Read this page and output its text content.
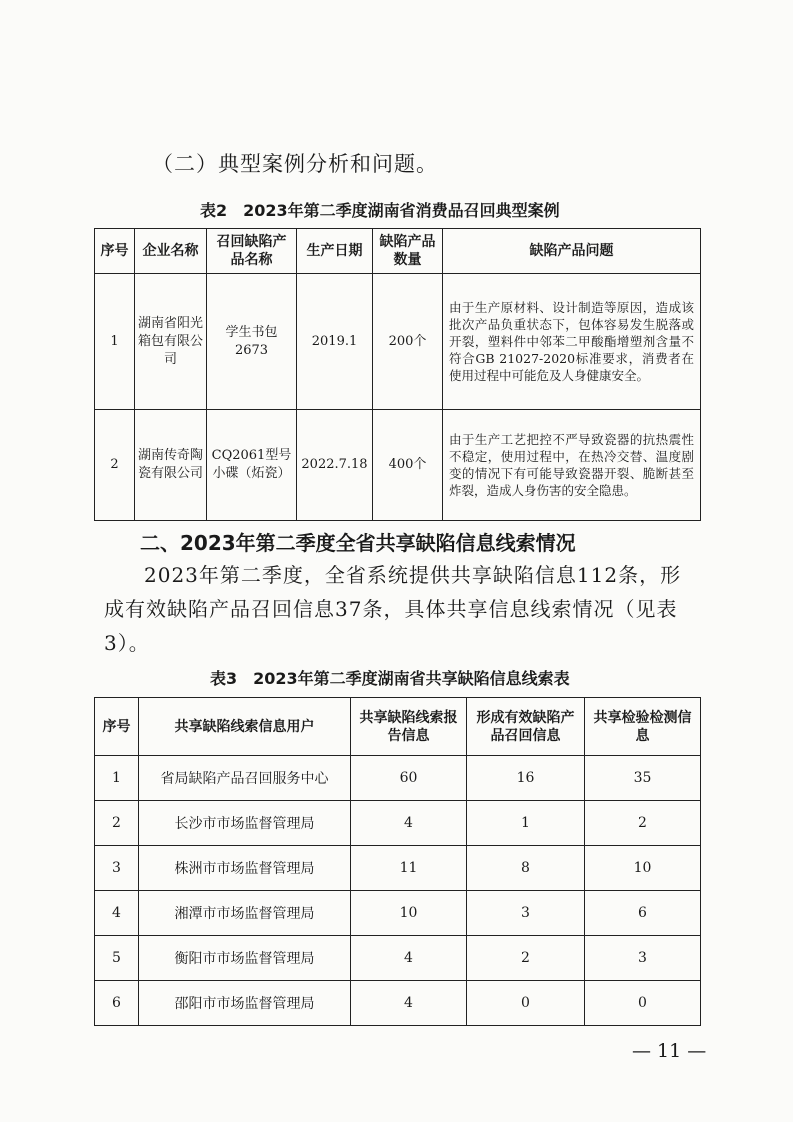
（二）典型案例分析和问题。
表2　2023年第二季度湖南省消费品召回典型案例
序号	企业名称	召回缺陷产品名称	生产日期	缺陷产品数量	缺陷产品问题
1	湖南省阳光箱包有限公司	学生书包2673	2019.1	200个	由于生产原材料、设计制造等原因，造成该批次产品负重状态下，包体容易发生脱落或开裂，塑料件中邻苯二甲酸酯增塑剂含量不符合GB 21027-2020标准要求，消费者在使用过程中可能危及人身健康安全。
2	湖南传奇陶瓷有限公司	CQ2061型号小碟（炻瓷）	2022.7.18	400个	由于生产工艺把控不严导致瓷器的抗热震性不稳定，使用过程中，在热冷交替、温度剧变的情况下有可能导致瓷器开裂、脆断甚至炸裂，造成人身伤害的安全隐患。
二、2023年第二季度全省共享缺陷信息线索情况
2023年第二季度，全省系统提供共享缺陷信息112条，形成有效缺陷产品召回信息37条，具体共享信息线索情况（见表3）。
表3　2023年第二季度湖南省共享缺陷信息线索表
序号	共享缺陷线索信息用户	共享缺陷线索报告信息	形成有效缺陷产品召回信息	共享检验检测信息
1	省局缺陷产品召回服务中心	60	16	35
2	长沙市市场监督管理局	4	1	2
3	株洲市市场监督管理局	11	8	10
4	湘潭市市场监督管理局	10	3	6
5	衡阳市市场监督管理局	4	2	3
6	邵阳市市场监督管理局	4	0	0
— 11 —
